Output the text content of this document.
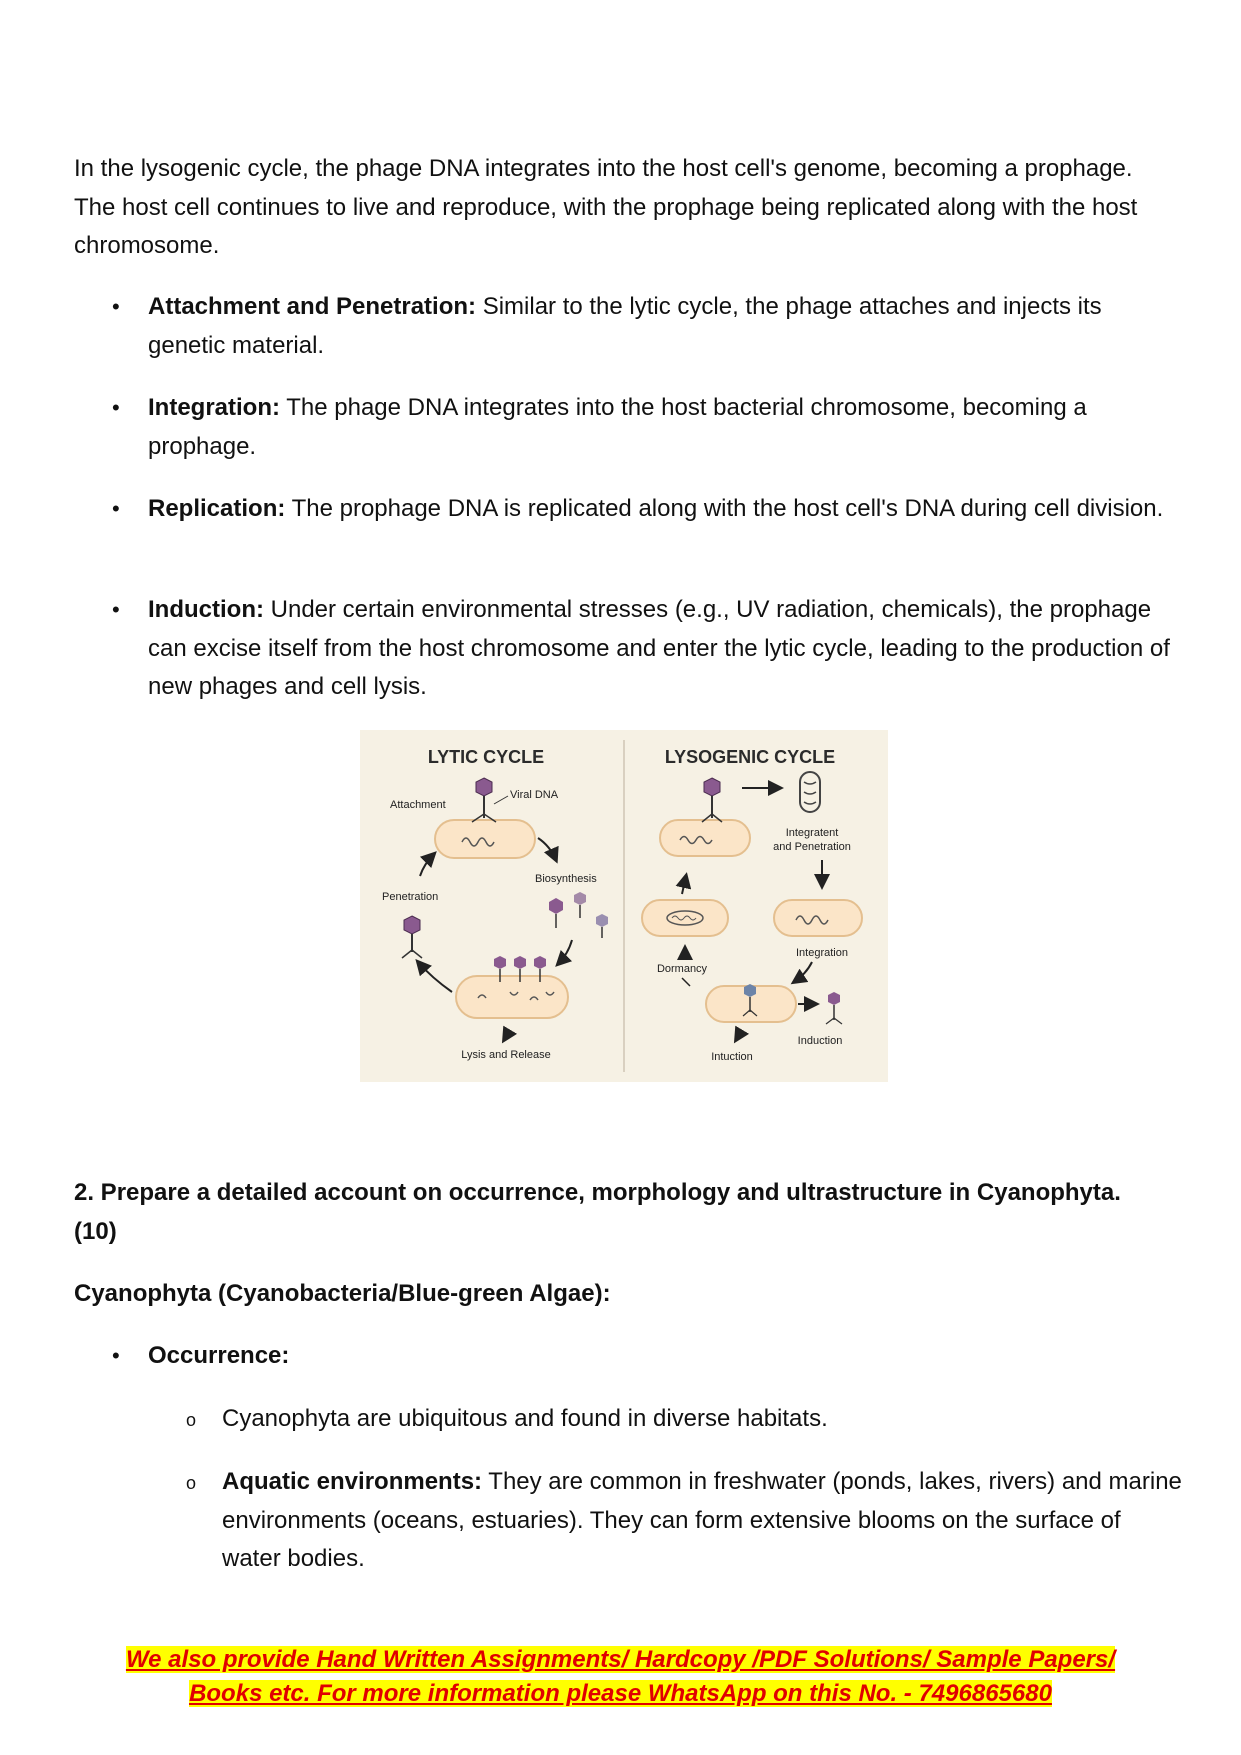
In the lysogenic cycle, the phage DNA integrates into the host cell's genome, becoming a prophage. The host cell continues to live and reproduce, with the prophage being replicated along with the host chromosome.

• Attachment and Penetration: Similar to the lytic cycle, the phage attaches and injects its genetic material.

• Integration: The phage DNA integrates into the host bacterial chromosome, becoming a prophage.

• Replication: The prophage DNA is replicated along with the host cell's DNA during cell division.

• Induction: Under certain environmental stresses (e.g., UV radiation, chemicals), the prophage can excise itself from the host chromosome and enter the lytic cycle, leading to the production of new phages and cell lysis.

LYTIC CYCLE	LYSOGENIC CYCLE
Attachment
Viral DNA
Biosynthesis
Penetration
Lysis and Release
Integratent
and Penetration
Integration
Dormancy
Induction
Intuction

2. Prepare a detailed account on occurrence, morphology and ultrastructure in Cyanophyta.
(10)

Cyanophyta (Cyanobacteria/Blue-green Algae):

• Occurrence:

o Cyanophyta are ubiquitous and found in diverse habitats.

o Aquatic environments: They are common in freshwater (ponds, lakes, rivers) and marine environments (oceans, estuaries). They can form extensive blooms on the surface of water bodies.

We also provide Hand Written Assignments/ Hardcopy /PDF Solutions/ Sample Papers/
Books etc. For more information please WhatsApp on this No. - 7496865680
